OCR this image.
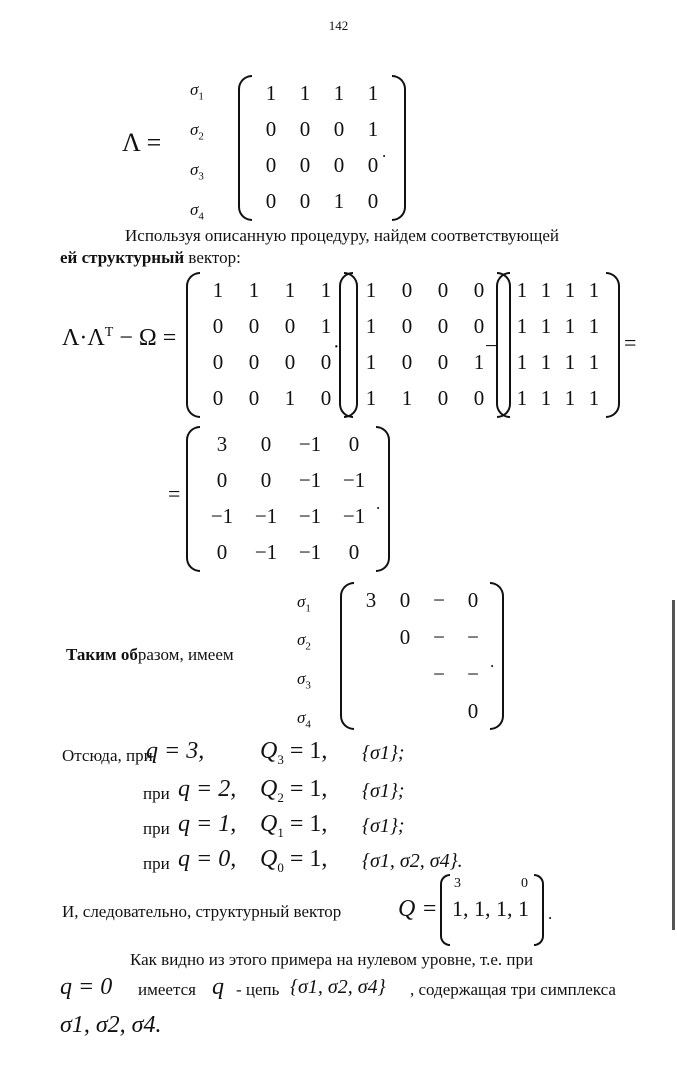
142
Λ =
$\sigma_1$
$\sigma_2$
$\sigma_3$
$\sigma_4$
1 1 1 1
0 0 0 1
0 0 0 0
0 0 1 0
.
Используя описанную процедуру, найдем соответствующей
ей структурный вектор:
$\Lambda\cdot\Lambda^T - \Omega$ =
1 1 1 1
0 0 0 1
0 0 0 0
0 0 1 0
·
1 0 0 0
1 0 0 0
1 0 0 1
1 1 0 0
−
1 1 1 1
1 1 1 1
1 1 1 1
1 1 1 1
=
=
3 0 −1 0
0 0 −1 −1
−1 −1 −1 −1
0 −1 −1 0
.
Таким образом, имеем
$\sigma_1$
$\sigma_2$
$\sigma_3$
$\sigma_4$
3 0 − 0
0 − −
− −
0
.
Отсюда, при
q = 3, $Q_3 = 1$, {σ1};
при q = 2, $Q_2 = 1$, {σ1};
при q = 1, $Q_1 = 1$, {σ1};
при q = 0, $Q_0 = 1$, {σ1, σ2, σ4}.
И, следовательно, структурный вектор Q =
3	0
1, 1, 1, 1 .
Как видно из этого примера на нулевом уровне, т.е. при
q = 0 имеется q - цепь {σ1, σ2, σ4} , содержащая три симплекса
σ1, σ2, σ4.
